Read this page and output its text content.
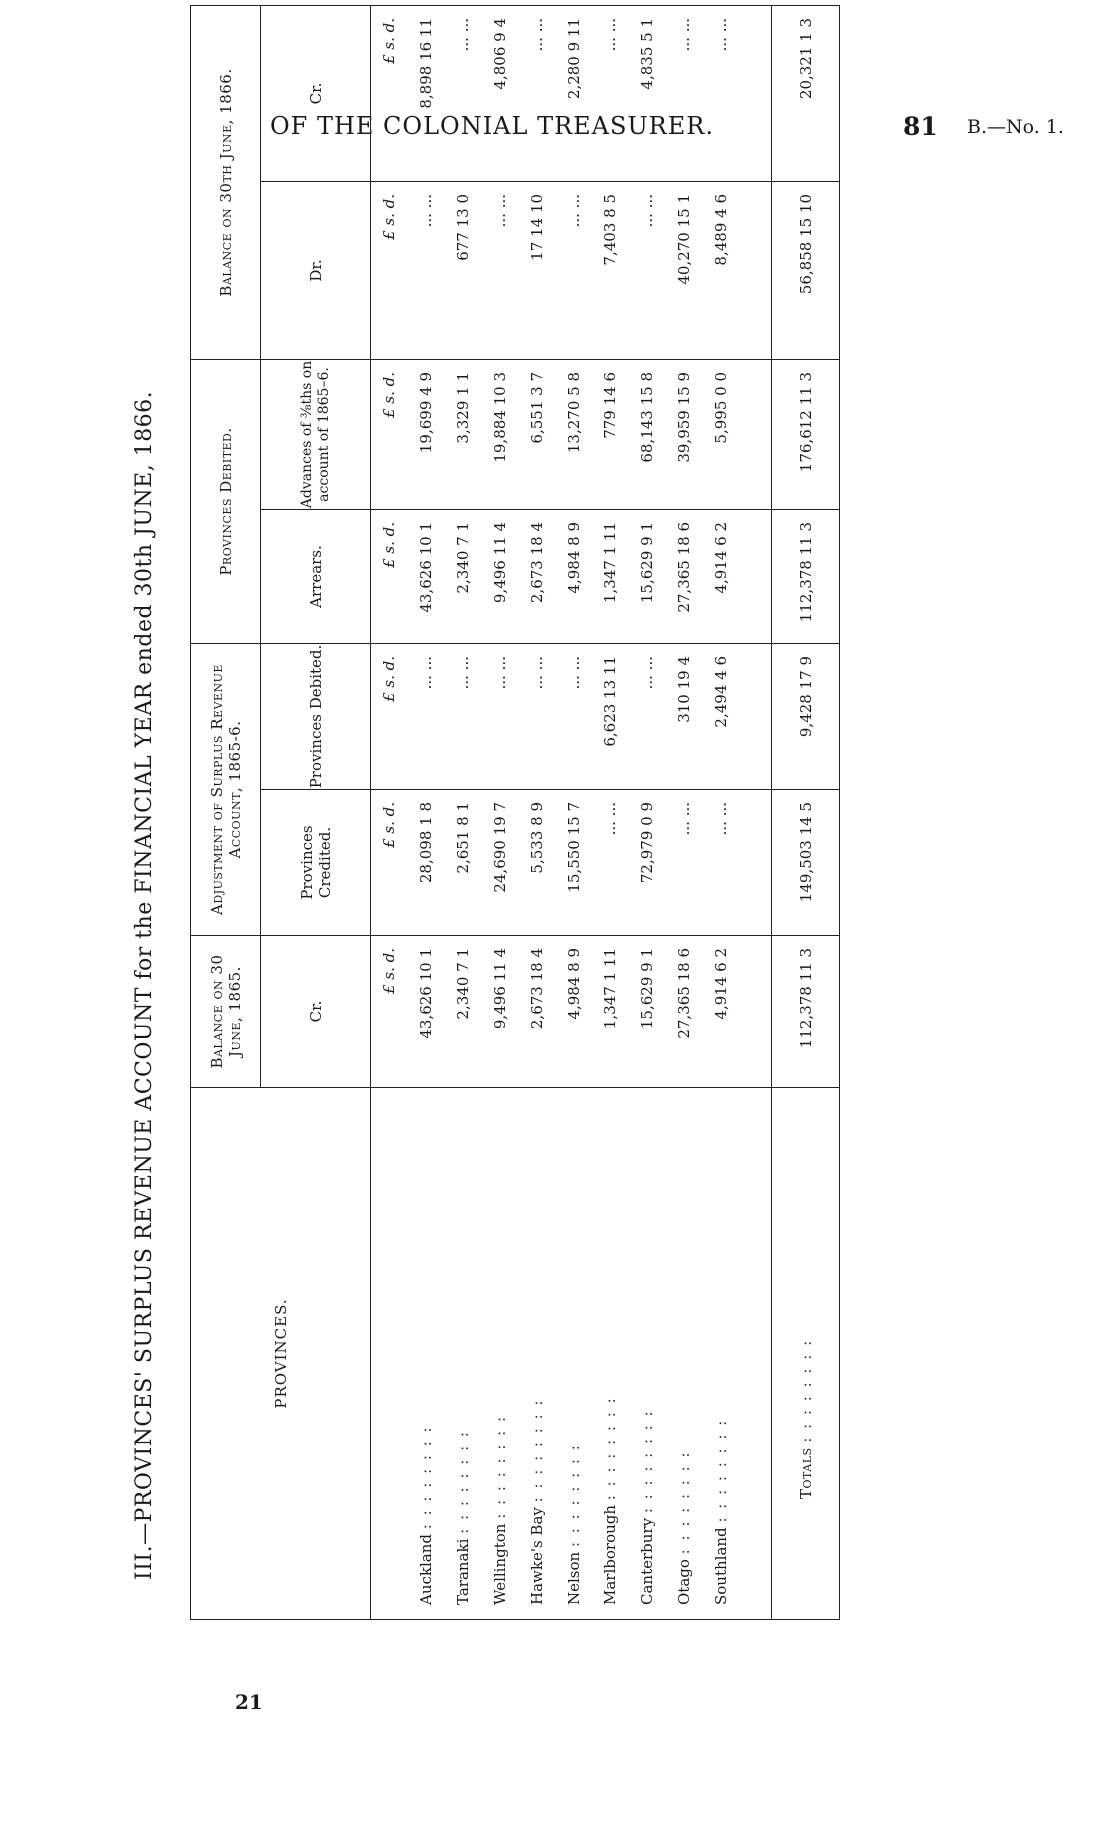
OF THE COLONIAL TREASURER.	81 B.—No. 1.
21
III.—PROVINCES' SURPLUS REVENUE ACCOUNT for the FINANCIAL YEAR ended 30th JUNE, 1866.	PROVINCES.	Balance on 30 June, 1865.	Adjustment of Surplus Revenue Account, 1865-6.		Provinces Debited.		Balance on 30th June, 1866.	
	Cr.	Provinces Credited.	Provinces Debited.	Arrears.	Advances of ⅜ths on account of 1865–6.	Dr.	Cr.
	£ s. d.	£ s. d.	£ s. d.	£ s. d.	£ s. d.	£ s. d.	£ s. d.
Auckland : : : : : : : :	43,626 10 1	28,098 1 8	... ...	43,626 10 1	19,699 4 9	... ...	8,898 16 11
Taranaki : : : : : : : :	2,340 7 1	2,651 8 1	... ...	2,340 7 1	3,329 1 1	677 13 0	... ...
Wellington : : : : : : : :	9,496 11 4	24,690 19 7	... ...	9,496 11 4	19,884 10 3	... ...	4,806 9 4
Hawke's Bay : : : : : : : :	2,673 18 4	5,533 8 9	... ...	2,673 18 4	6,551 3 7	17 14 10	... ...
Nelson : : : : : : : :	4,984 8 9	15,550 15 7	... ...	4,984 8 9	13,270 5 8	... ...	2,280 9 11
Marlborough : : : : : : : :	1,347 1 11	... ...	6,623 13 11	1,347 1 11	779 14 6	7,403 8 5	... ...
Canterbury : : : : : : : :	15,629 9 1	72,979 0 9	... ...	15,629 9 1	68,143 15 8	... ...	4,835 5 1
Otago : : : : : : : :	27,365 18 6	... ...	310 19 4	27,365 18 6	39,959 15 9	40,270 15 1	... ...
Southland : : : : : : : :	4,914 6 2	... ...	2,494 4 6	4,914 6 2	5,995 0 0	8,489 4 6	... ...

Totals : : : : : : : :	112,378 11 3	149,503 14 5	9,428 17 9	112,378 11 3	176,612 11 3	56,858 15 10	20,321 1 3
